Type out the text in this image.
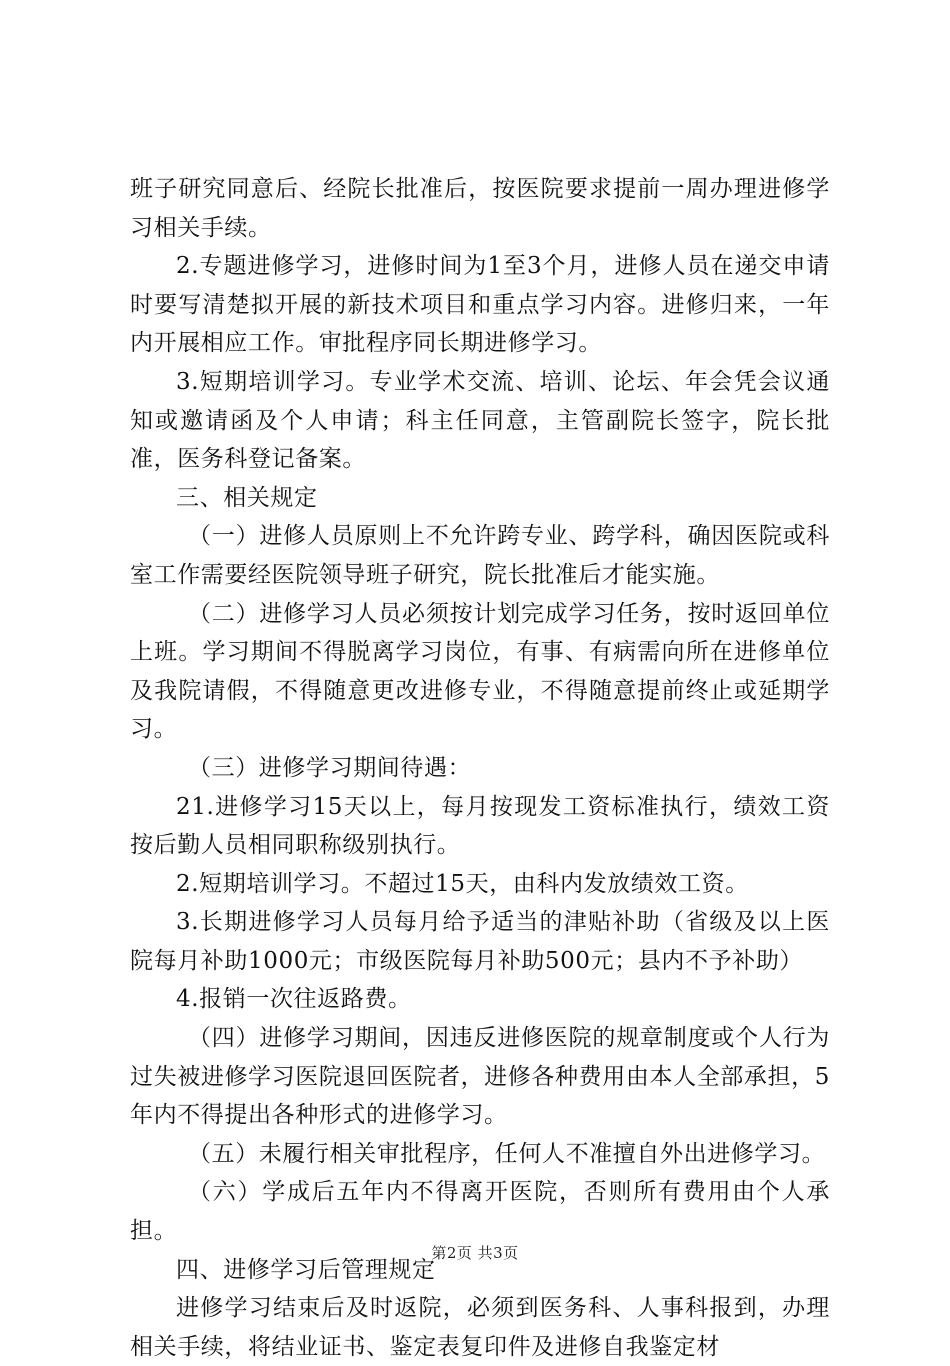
班子研究同意后、经院长批准后，按医院要求提前一周办理进修学习相关手续。

2.专题进修学习，进修时间为1至3个月，进修人员在递交申请时要写清楚拟开展的新技术项目和重点学习内容。进修归来，一年内开展相应工作。审批程序同长期进修学习。

3.短期培训学习。专业学术交流、培训、论坛、年会凭会议通知或邀请函及个人申请；科主任同意，主管副院长签字，院长批准，医务科登记备案。

三、相关规定

（一）进修人员原则上不允许跨专业、跨学科，确因医院或科室工作需要经医院领导班子研究，院长批准后才能实施。

（二）进修学习人员必须按计划完成学习任务，按时返回单位上班。学习期间不得脱离学习岗位，有事、有病需向所在进修单位及我院请假，不得随意更改进修专业，不得随意提前终止或延期学习。

（三）进修学习期间待遇：

21.进修学习15天以上，每月按现发工资标准执行，绩效工资按后勤人员相同职称级别执行。

2.短期培训学习。不超过15天，由科内发放绩效工资。

3.长期进修学习人员每月给予适当的津贴补助（省级及以上医院每月补助1000元；市级医院每月补助500元；县内不予补助）

4.报销一次往返路费。

（四）进修学习期间，因违反进修医院的规章制度或个人行为过失被进修学习医院退回医院者，进修各种费用由本人全部承担，5年内不得提出各种形式的进修学习。

（五）未履行相关审批程序，任何人不准擅自外出进修学习。

（六）学成后五年内不得离开医院，否则所有费用由个人承担。

四、进修学习后管理规定

进修学习结束后及时返院，必须到医务科、人事科报到，办理相关手续，将结业证书、鉴定表复印件及进修自我鉴定材

第2页 共3页
